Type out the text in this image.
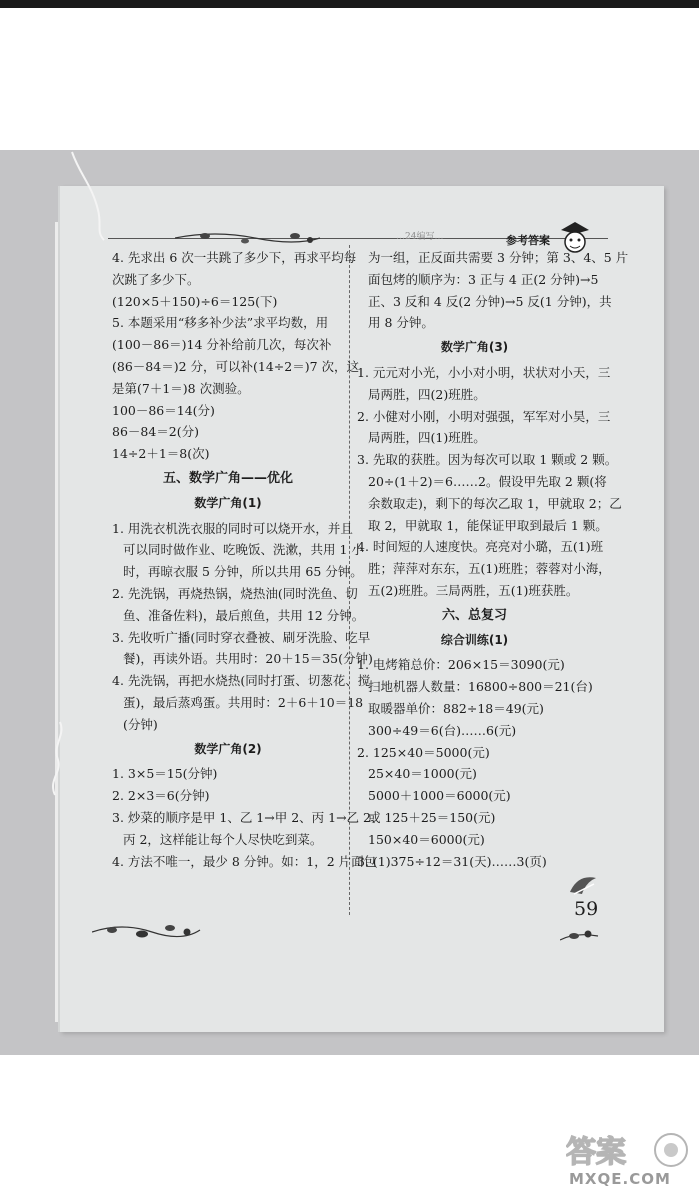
…24编写…	参考答案
4. 先求出 6 次一共跳了多少下，再求平均每
次跳了多少下。
(120×5＋150)÷6＝125(下)
5. 本题采用“移多补少法”求平均数，用
(100－86＝)14 分补给前几次，每次补
(86－84＝)2 分，可以补(14÷2＝)7 次，这
是第(7＋1＝)8 次测验。
100－86＝14(分)
86－84＝2(分)
14÷2＋1＝8(次)
五、数学广角——优化
数学广角(1)
1. 用洗衣机洗衣服的同时可以烧开水，并且
可以同时做作业、吃晚饭、洗漱，共用 1 小
时，再晾衣服 5 分钟，所以共用 65 分钟。
2. 先洗锅，再烧热锅，烧热油(同时洗鱼、切
鱼、准备佐料)，最后煎鱼，共用 12 分钟。
3. 先收听广播(同时穿衣叠被、刷牙洗脸、吃早
餐)，再读外语。共用时：20＋15＝35(分钟)
4. 先洗锅，再把水烧热(同时打蛋、切葱花、搅
蛋)，最后蒸鸡蛋。共用时：2＋6＋10＝18
(分钟)
数学广角(2)
1. 3×5＝15(分钟)
2. 2×3＝6(分钟)
3. 炒菜的顺序是甲 1、乙 1→甲 2、丙 1→乙 2、
丙 2，这样能让每个人尽快吃到菜。
4. 方法不唯一，最少 8 分钟。如：1，2 片面包
为一组，正反面共需要 3 分钟；第 3、4、5 片
面包烤的顺序为：3 正与 4 正(2 分钟)→5
正、3 反和 4 反(2 分钟)→5 反(1 分钟)，共
用 8 分钟。
数学广角(3)
1. 元元对小光，小小对小明，状状对小天，三
局两胜，四(2)班胜。
2. 小健对小刚，小明对强强，军军对小昊，三
局两胜，四(1)班胜。
3. 先取的获胜。因为每次可以取 1 颗或 2 颗。
20÷(1＋2)＝6……2。假设甲先取 2 颗(将
余数取走)，剩下的每次乙取 1，甲就取 2；乙
取 2，甲就取 1，能保证甲取到最后 1 颗。
4. 时间短的人速度快。亮亮对小璐，五(1)班
胜；萍萍对东东，五(1)班胜；蓉蓉对小海，
五(2)班胜。三局两胜，五(1)班获胜。
六、总复习
综合训练(1)
1. 电烤箱总价：206×15＝3090(元)
扫地机器人数量：16800÷800＝21(台)
取暖器单价：882÷18＝49(元)
300÷49＝6(台)……6(元)
2. 125×40＝5000(元)
25×40＝1000(元)
5000＋1000＝6000(元)
或 125＋25＝150(元)
150×40＝6000(元)
3. (1)375÷12＝31(天)……3(页)
59
答案
MXQE.COM
